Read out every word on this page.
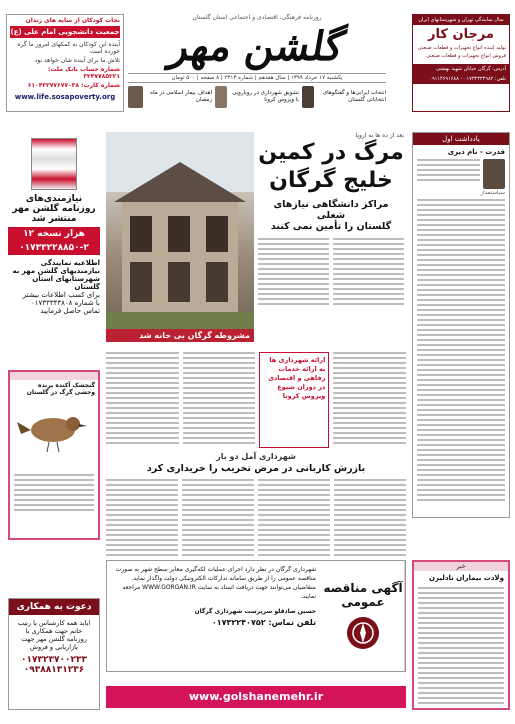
نجات کودکان از سایه های زندان
جمعیت دانشجویی امام علی (ع)
آینده این کودکان به کمکهای امروز ما گره خورده است
تلاش ما برای آینده شان خواهد بود
شماره حساب بانک ملت: ۳۲۴۷۷۸۵۲۲۱
شماره کارت: ۶۱۰۴۳۳۷۷۶۷۷۰۳۸
www.life.sosapoverty.org
روزنامه فرهنگی، اقتصادی و اجتماعی استان گلستان
گلشن مهر
یکشنبه ۱۷ خرداد ۱۳۹۹ | سال هفدهم | شماره ۲۴۱۳ | ۸ صفحه | ۵۰۰ تومان
اهداف بیمار اسلامی در ماه رمضان
تشویق شهرداری در رویارویی با ویروس کرونا
انتخاب ایرانی‌ها و گفتگوهای انتخاباتی گلستان
سال نمایندگی تهران و شهرستانهای ایران
مرجان کار
تولید کننده انواع تجهیزات و قطعات صنعتی
فروش انواع تجهیزات و قطعات صنعتی
آدرس: گرگان خیابان شهید بهشتی
تلفن: ۰۱۷۳۲۳۳۴۹۸۲ - ۰۹۱۱۴۶۹۱۶۸۸
نیازمندی‌های
روزنامه گلشن مهر
منتشر شد
۱۲ هزار نسخه
۰۱۷۳۳۲۲۸۸۵۰-۲
اطلاعیه نمایندگی
نیازمندیهای گلشن مهر به
شهرستانهای استان گلستان
برای کسب اطلاعات بیشتر
با شماره ۰۱۷۳۳۳۴۳۸۰۸
تماس حاصل فرمایید
گنجشک آکنده پرنده
وحشی گرگ در گلستان
دعوت به همکاری
ایاید همه کارشناس یا رتیب
خانم جهت همکاری با
روزنامه گلشن مهر جهت
بازاریابی و فروش
۰۱۷۳۲۳۷۰۰۲۳۳
۰۹۳۸۸۱۳۱۲۳۶
مشروطه گرگان بی خانه شد
بعد از ده ها به اروپا
مرگ در کمین
خلیج گرگان
مراکز دانشگاهی نیازهای شغلی
گلستان را تأمین نمی کنند
یادداشت اول
قدرت - نام دیری
سیاستمدار
خبر
ولادت بیماران نادلیرن
ارائه شهرداری ها به ارائه خدمات رفاهی و اقتصادی در دوران شیوع ویروس کرونا
شهرداری آمل دو بار
بازرش کاربانی در مرض تخریب را خریداری کرد
شهرداری گرگان در نظر دارد اجرای عملیات لکه‌گیری معابر سطح شهر به صورت مناقصه عمومی را از طریق سامانه تدارکات الکترونیکی دولت واگذار نماید. متقاضیان می‌توانند جهت دریافت اسناد به سایت WWW.GORGAN.IR مراجعه نمایند.
حسین صادقلو سرپرست شهرداری گرگان
تلفن تماس: ۰۱۷۳۲۲۴۰۷۵۲
آگهی مناقصه
عمومی
www.golshanemehr.ir
